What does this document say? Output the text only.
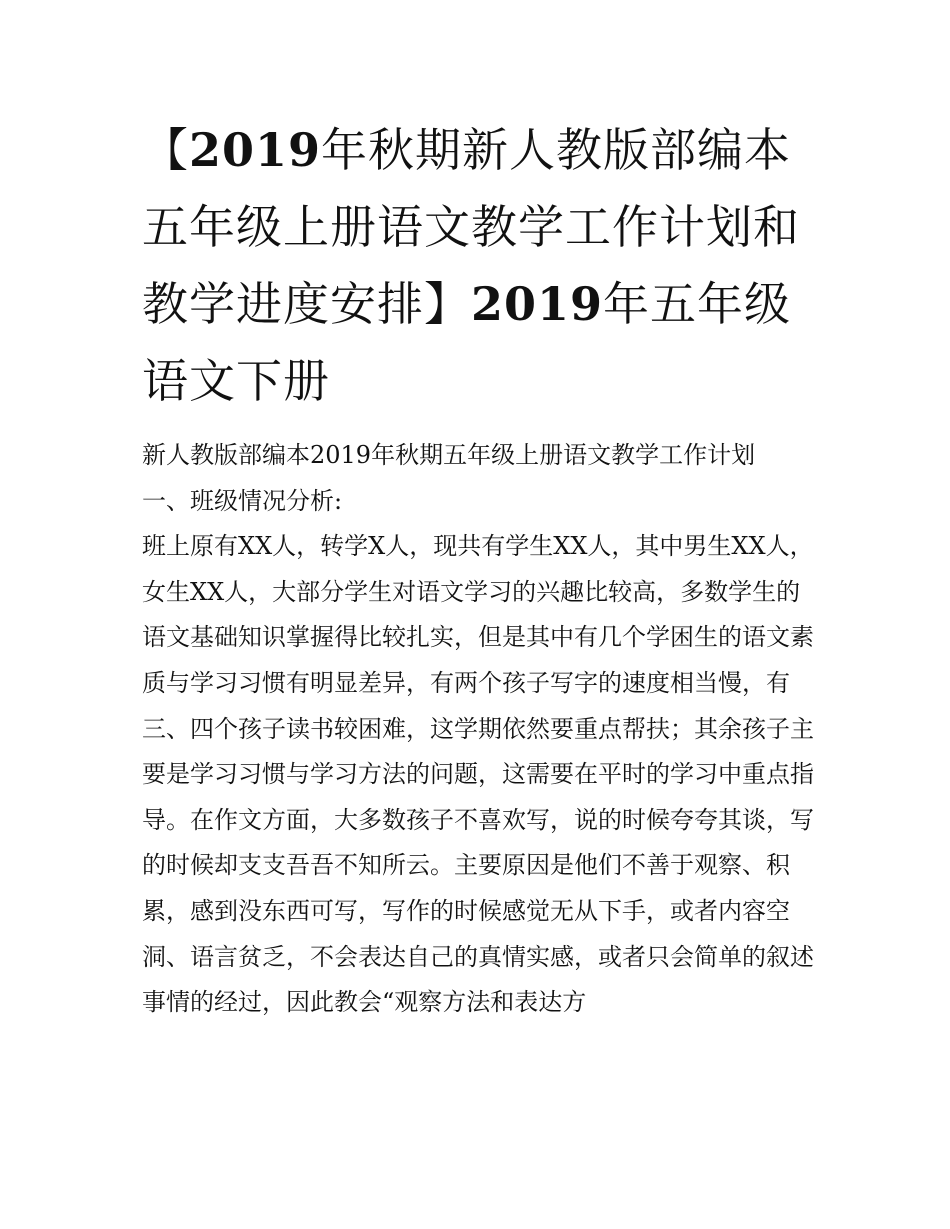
【2019年秋期新人教版部编本五年级上册语文教学工作计划和教学进度安排】2019年五年级语文下册

新人教版部编本2019年秋期五年级上册语文教学工作计划

一、班级情况分析:

班上原有XX人，转学X人，现共有学生XX人，其中男生XX人，女生XX人，大部分学生对语文学习的兴趣比较高，多数学生的语文基础知识掌握得比较扎实，但是其中有几个学困生的语文素质与学习习惯有明显差异，有两个孩子写字的速度相当慢，有三、四个孩子读书较困难，这学期依然要重点帮扶；其余孩子主要是学习习惯与学习方法的问题，这需要在平时的学习中重点指导。在作文方面，大多数孩子不喜欢写，说的时候夸夸其谈，写的时候却支支吾吾不知所云。主要原因是他们不善于观察、积累，感到没东西可写，写作的时候感觉无从下手，或者内容空洞、语言贫乏，不会表达自己的真情实感，或者只会简单的叙述事情的经过，因此教会“观察方法和表达方
